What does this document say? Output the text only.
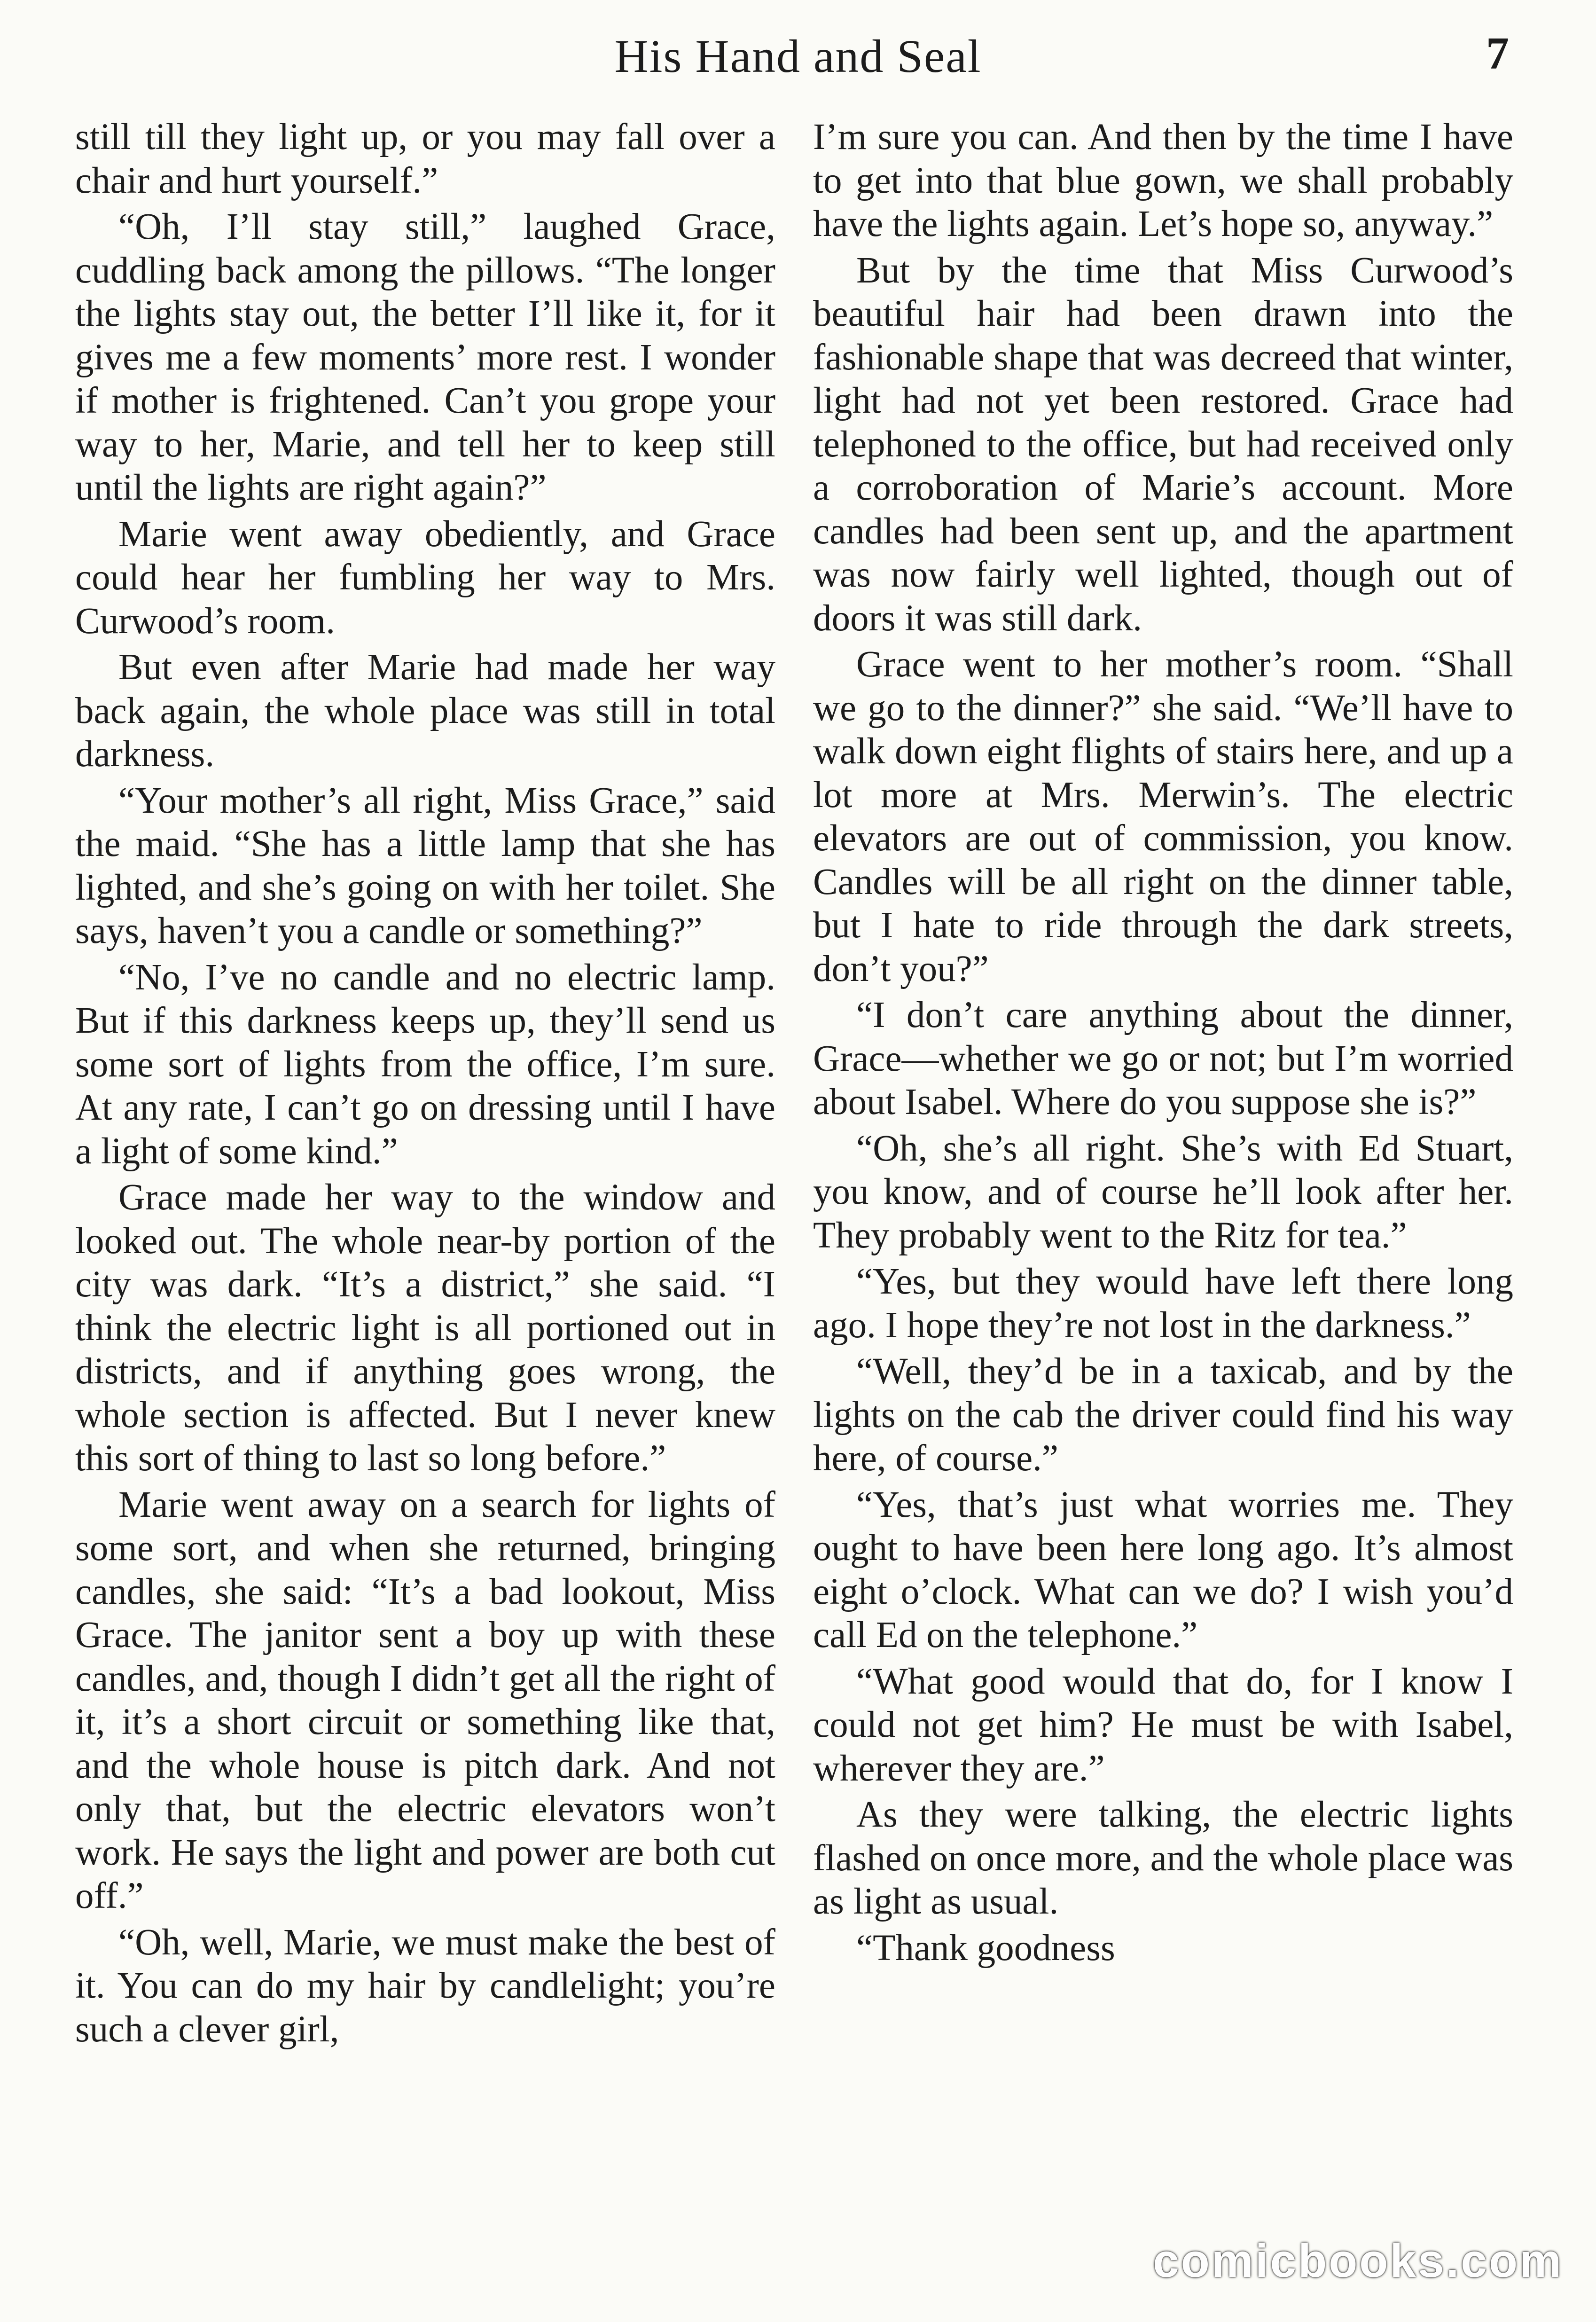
His Hand and Seal	7

still till they light up, or you may fall over a chair and hurt yourself.”

“Oh, I’ll stay still,” laughed Grace, cuddling back among the pillows. “The longer the lights stay out, the better I’ll like it, for it gives me a few moments’ more rest. I wonder if mother is frightened. Can’t you grope your way to her, Marie, and tell her to keep still until the lights are right again?”

Marie went away obediently, and Grace could hear her fumbling her way to Mrs. Curwood’s room.

But even after Marie had made her way back again, the whole place was still in total darkness.

“Your mother’s all right, Miss Grace,” said the maid. “She has a little lamp that she has lighted, and she’s going on with her toilet. She says, haven’t you a candle or something?”

“No, I’ve no candle and no electric lamp. But if this darkness keeps up, they’ll send us some sort of lights from the office, I’m sure. At any rate, I can’t go on dressing until I have a light of some kind.”

Grace made her way to the window and looked out. The whole near-by portion of the city was dark. “It’s a district,” she said. “I think the electric light is all portioned out in districts, and if anything goes wrong, the whole section is affected. But I never knew this sort of thing to last so long before.”

Marie went away on a search for lights of some sort, and when she returned, bringing candles, she said: “It’s a bad lookout, Miss Grace. The janitor sent a boy up with these candles, and, though I didn’t get all the right of it, it’s a short circuit or something like that, and the whole house is pitch dark. And not only that, but the electric elevators won’t work. He says the light and power are both cut off.”

“Oh, well, Marie, we must make the best of it. You can do my hair by candlelight; you’re such a clever girl,

I’m sure you can. And then by the time I have to get into that blue gown, we shall probably have the lights again. Let’s hope so, anyway.”

But by the time that Miss Curwood’s beautiful hair had been drawn into the fashionable shape that was decreed that winter, light had not yet been restored. Grace had telephoned to the office, but had received only a corroboration of Marie’s account. More candles had been sent up, and the apartment was now fairly well lighted, though out of doors it was still dark.

Grace went to her mother’s room. “Shall we go to the dinner?” she said. “We’ll have to walk down eight flights of stairs here, and up a lot more at Mrs. Merwin’s. The electric elevators are out of commission, you know. Candles will be all right on the dinner table, but I hate to ride through the dark streets, don’t you?”

“I don’t care anything about the dinner, Grace—whether we go or not; but I’m worried about Isabel. Where do you suppose she is?”

“Oh, she’s all right. She’s with Ed Stuart, you know, and of course he’ll look after her. They probably went to the Ritz for tea.”

“Yes, but they would have left there long ago. I hope they’re not lost in the darkness.”

“Well, they’d be in a taxicab, and by the lights on the cab the driver could find his way here, of course.”

“Yes, that’s just what worries me. They ought to have been here long ago. It’s almost eight o’clock. What can we do? I wish you’d call Ed on the telephone.”

“What good would that do, for I know I could not get him? He must be with Isabel, wherever they are.”

As they were talking, the electric lights flashed on once more, and the whole place was as light as usual.

“Thank goodness

comicbooks.com
